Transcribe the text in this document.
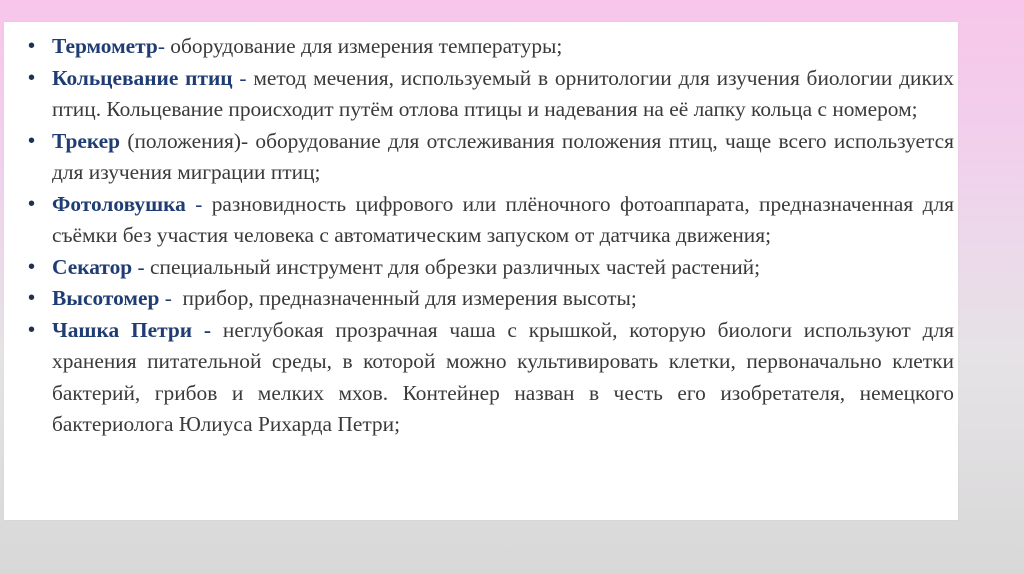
• Термометр- оборудование для измерения температуры;
• Кольцевание птиц - метод мечения, используемый в орнитологии для изучения биологии диких птиц. Кольцевание происходит путём отлова птицы и надевания на её лапку кольца с номером;
• Трекер (положения)- оборудование для отслеживания положения птиц, чаще всего используется для изучения миграции птиц;
• Фотоловушка - разновидность цифрового или плёночного фотоаппарата, предназначенная для съёмки без участия человека с автоматическим запуском от датчика движения;
• Секатор - специальный инструмент для обрезки различных частей растений;
• Высотомер -  прибор, предназначенный для измерения высоты;
• Чашка Петри - неглубокая прозрачная чаша с крышкой, которую биологи используют для хранения питательной среды, в которой можно культивировать клетки, первоначально клетки бактерий, грибов и мелких мхов. Контейнер назван в честь его изобретателя, немецкого бактериолога Юлиуса Рихарда Петри;
